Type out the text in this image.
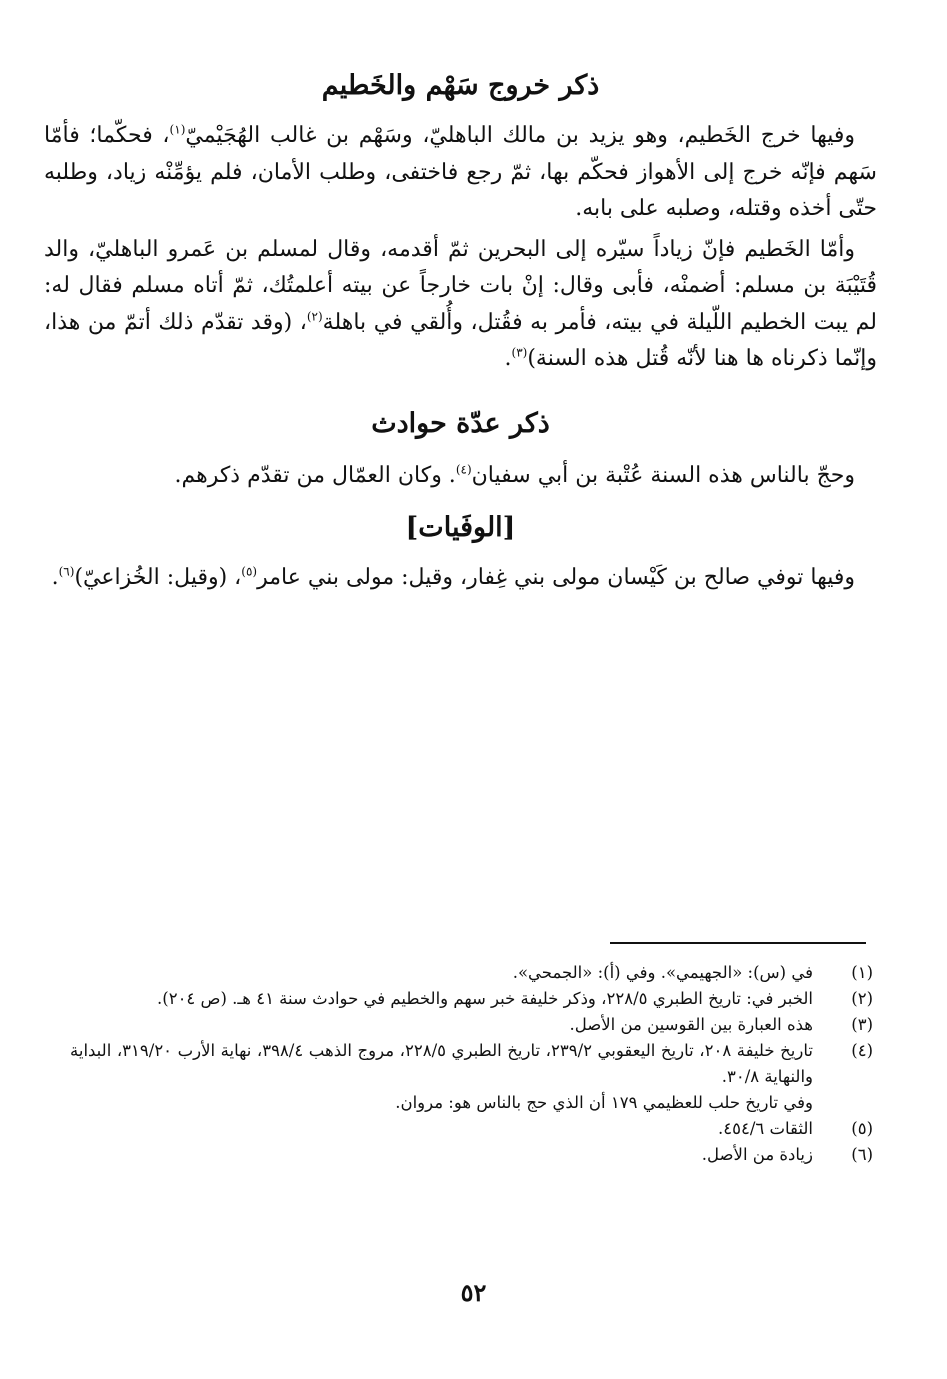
ذكر خروج سَهْم والخَطيم

وفيها خرج الخَطيم، وهو يزيد بن مالك الباهليّ، وسَهْم بن غالب الهُجَيْميّ$^{(١)}$، فحكّما؛ فأمّا سَهم فإنّه خرج إلى الأهواز فحكّم بها، ثمّ رجع فاختفى، وطلب الأمان، فلم يؤمِّنْه زياد، وطلبه حتّى أخذه وقتله، وصلبه على بابه.

وأمّا الخَطيم فإنّ زياداً سيّره إلى البحرين ثمّ أقدمه، وقال لمسلم بن عَمرو الباهليّ، والد قُتَيْبَة بن مسلم: أضمنْه، فأبى وقال: إنْ بات خارجاً عن بيته أعلمتُك، ثمّ أتاه مسلم فقال له: لم يبت الخطيم اللّيلة في بيته، فأمر به فقُتل، وأُلقي في باهلة$^{(٢)}$، (وقد تقدّم ذلك أتمّ من هذا، وإنّما ذكرناه ها هنا لأنّه قُتل هذه السنة)$^{(٣)}$.

ذكر عدّة حوادث

وحجّ بالناس هذه السنة عُتْبة بن أبي سفيان$^{(٤)}$. وكان العمّال من تقدّم ذكرهم.

[الوفَيات]

وفيها توفي صالح بن كَيْسان مولى بني غِفار، وقيل: مولى بني عامر$^{(٥)}$، (وقيل: الخُزاعيّ)$^{(٦)}$.

(١)
في (س): «الجهيمي». وفي (أ): «الجمحي».
(٢)
الخبر في: تاريخ الطبري ٢٢٨/٥، وذكر خليفة خبر سهم والخطيم في حوادث سنة ٤١ هـ. (ص ٢٠٤).
(٣)
هذه العبارة بين القوسين من الأصل.
(٤)
تاريخ خليفة ٢٠٨، تاريخ اليعقوبي ٢٣٩/٢، تاريخ الطبري ٢٢٨/٥، مروج الذهب ٣٩٨/٤، نهاية الأرب ٣١٩/٢٠، البداية والنهاية ٣٠/٨.

وفي تاريخ حلب للعظيمي ١٧٩ أن الذي حج بالناس هو: مروان.

(٥)
الثقات ٤٥٤/٦.
(٦)
زيادة من الأصل.
٥٢
